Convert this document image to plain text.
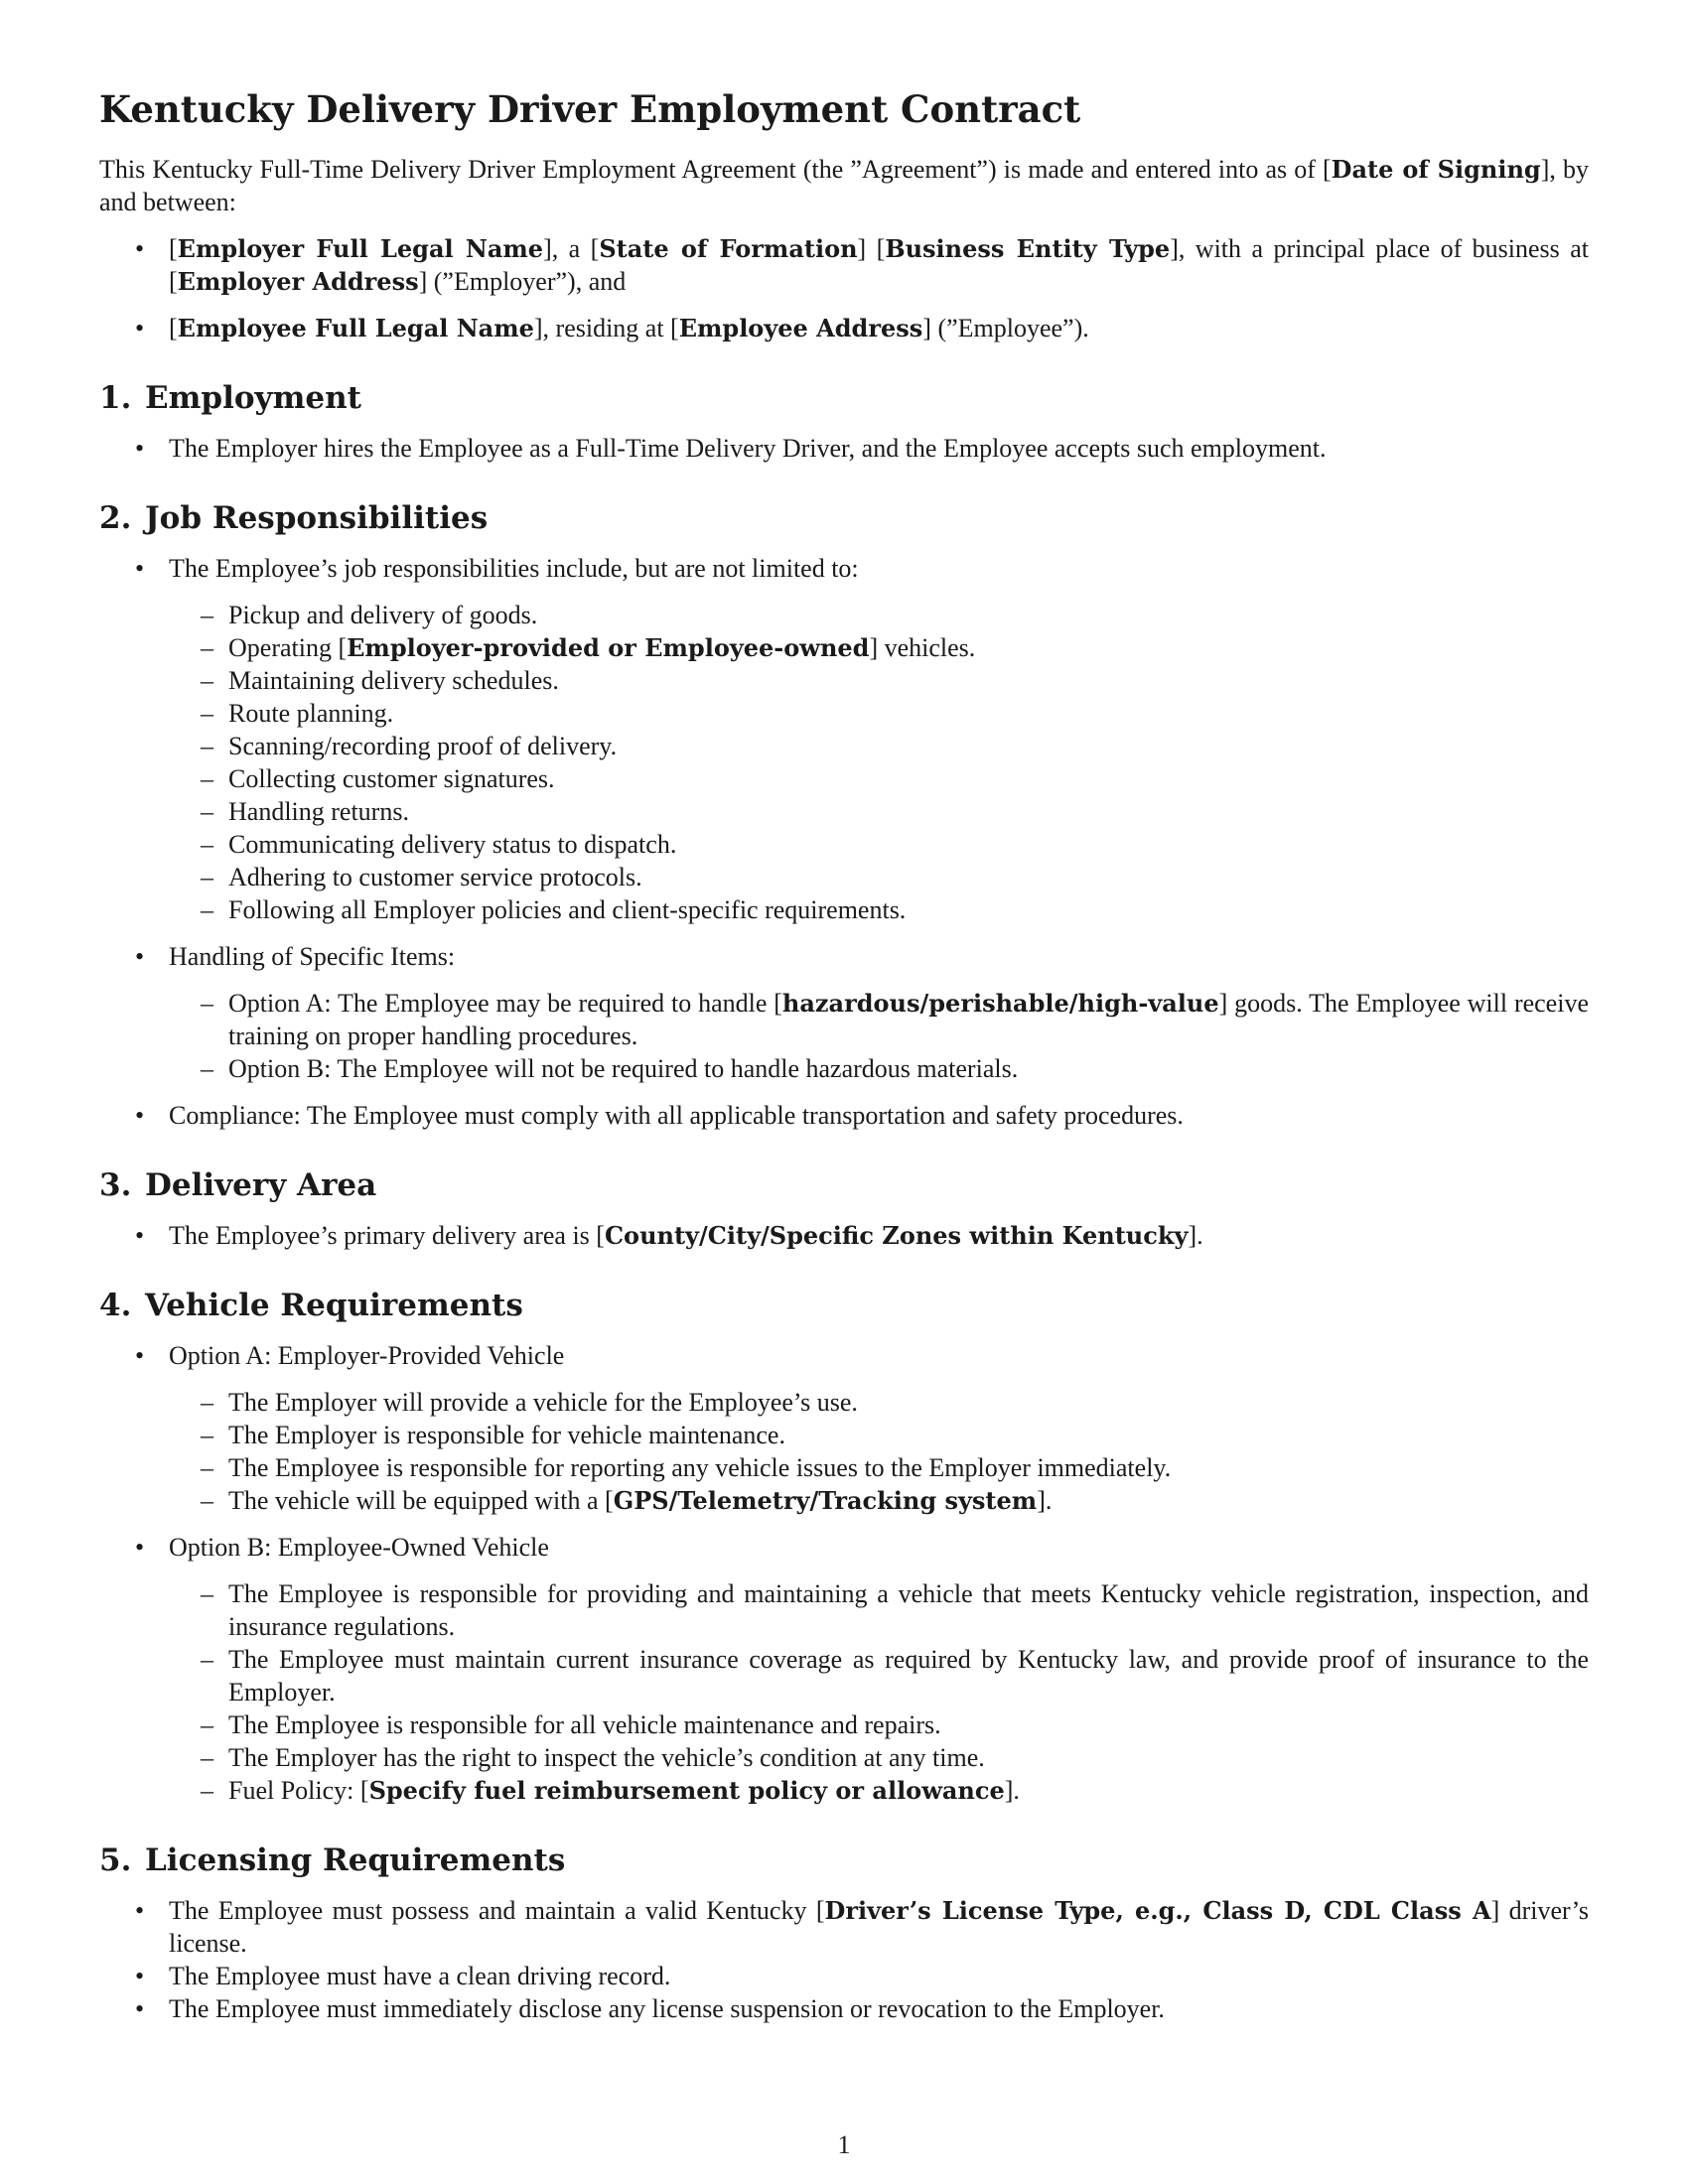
Kentucky Delivery Driver Employment Contract

This Kentucky Full-Time Delivery Driver Employment Agreement (the ”Agreement”) is made and entered into as of [Date of Signing], by and between:

• [Employer Full Legal Name], a [State of Formation] [Business Entity Type], with a principal place of business at [Employer Address] (”Employer”), and
• [Employee Full Legal Name], residing at [Employee Address] (”Employee”).
1. Employment
• The Employer hires the Employee as a Full-Time Delivery Driver, and the Employee accepts such employment.
2. Job Responsibilities
• The Employee’s job responsibilities include, but are not limited to:
– Pickup and delivery of goods.
– Operating [Employer-provided or Employee-owned] vehicles.
– Maintaining delivery schedules.
– Route planning.
– Scanning/recording proof of delivery.
– Collecting customer signatures.
– Handling returns.
– Communicating delivery status to dispatch.
– Adhering to customer service protocols.
– Following all Employer policies and client-specific requirements.
• Handling of Specific Items:
– Option A: The Employee may be required to handle [hazardous/perishable/high-value] goods. The Employee will receive training on proper handling procedures.
– Option B: The Employee will not be required to handle hazardous materials.
• Compliance: The Employee must comply with all applicable transportation and safety procedures.
3. Delivery Area
• The Employee’s primary delivery area is [County/City/Specific Zones within Kentucky].
4. Vehicle Requirements
• Option A: Employer-Provided Vehicle
– The Employer will provide a vehicle for the Employee’s use.
– The Employer is responsible for vehicle maintenance.
– The Employee is responsible for reporting any vehicle issues to the Employer immediately.
– The vehicle will be equipped with a [GPS/Telemetry/Tracking system].
• Option B: Employee-Owned Vehicle
– The Employee is responsible for providing and maintaining a vehicle that meets Kentucky vehicle registration, inspection, and insurance regulations.
– The Employee must maintain current insurance coverage as required by Kentucky law, and provide proof of insurance to the Employer.
– The Employee is responsible for all vehicle maintenance and repairs.
– The Employer has the right to inspect the vehicle’s condition at any time.
– Fuel Policy: [Specify fuel reimbursement policy or allowance].
5. Licensing Requirements
• The Employee must possess and maintain a valid Kentucky [Driver’s License Type, e.g., Class D, CDL Class A] driver’s license.
• The Employee must have a clean driving record.
• The Employee must immediately disclose any license suspension or revocation to the Employer.
1
